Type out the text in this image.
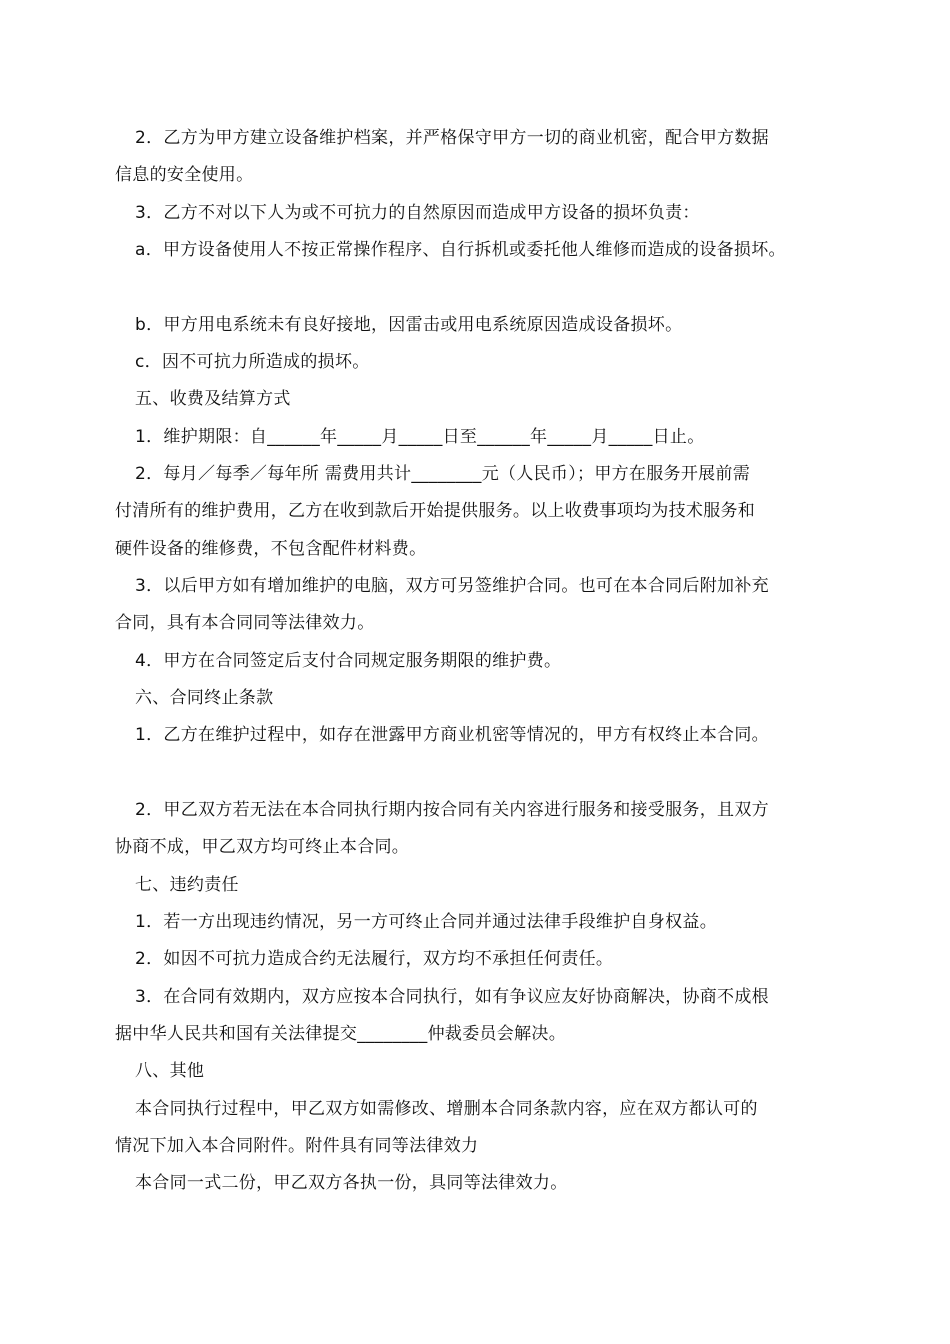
2．乙方为甲方建立设备维护档案，并严格保守甲方一切的商业机密，配合甲方数据
信息的安全使用。
3．乙方不对以下人为或不可抗力的自然原因而造成甲方设备的损坏负责：
a．甲方设备使用人不按正常操作程序、自行拆机或委托他人维修而造成的设备损坏。
b．甲方用电系统未有良好接地，因雷击或用电系统原因造成设备损坏。
c．因不可抗力所造成的损坏。
五、收费及结算方式
1．维护期限：自______年_____月_____日至______年_____月_____日止。
2．每月／每季／每年所 需费用共计________元（人民币）；甲方在服务开展前需
付清所有的维护费用，乙方在收到款后开始提供服务。以上收费事项均为技术服务和
硬件设备的维修费，不包含配件材料费。
3．以后甲方如有增加维护的电脑，双方可另签维护合同。也可在本合同后附加补充
合同，具有本合同同等法律效力。
4．甲方在合同签定后支付合同规定服务期限的维护费。
六、合同终止条款
1．乙方在维护过程中，如存在泄露甲方商业机密等情况的，甲方有权终止本合同。
2．甲乙双方若无法在本合同执行期内按合同有关内容进行服务和接受服务，且双方
协商不成，甲乙双方均可终止本合同。
七、违约责任
1．若一方出现违约情况，另一方可终止合同并通过法律手段维护自身权益。
2．如因不可抗力造成合约无法履行，双方均不承担任何责任。
3．在合同有效期内，双方应按本合同执行，如有争议应友好协商解决，协商不成根
据中华人民共和国有关法律提交________仲裁委员会解决。
八、其他
本合同执行过程中，甲乙双方如需修改、增删本合同条款内容，应在双方都认可的
情况下加入本合同附件。附件具有同等法律效力
本合同一式二份，甲乙双方各执一份，具同等法律效力。
